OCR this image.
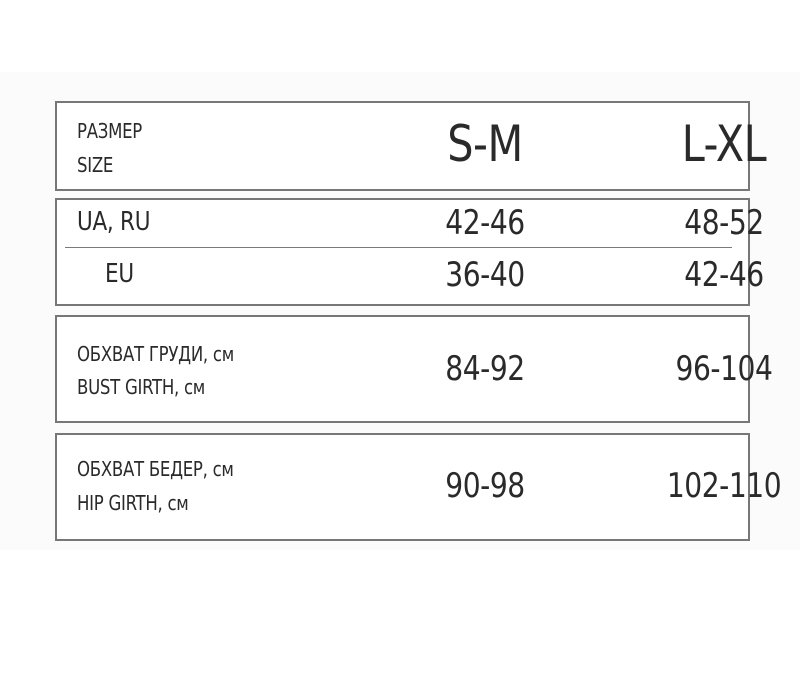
РАЗМЕР
SIZE	S-M	L-XL
UA, RU	42-46	48-52
EU	36-40	42-46
ОБХВАТ ГРУДИ, см
BUST GIRTH, см	84-92	96-104
ОБХВАТ БЕДЕР, см
HIP GIRTH, см	90-98	102-110
